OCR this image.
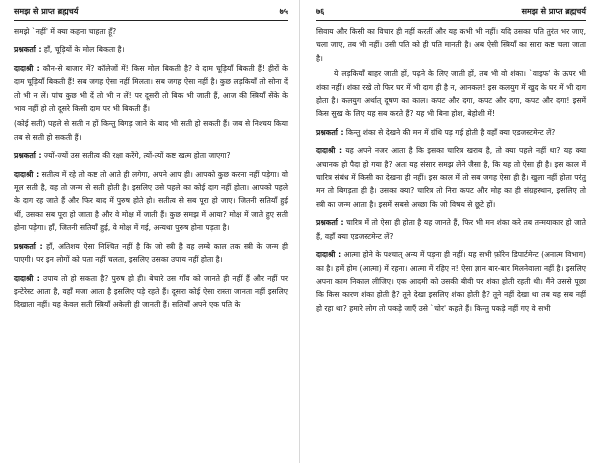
समझ से प्राप्त ब्रह्मचर्य	७५

समझे `नहीं' में क्या कहना चाहता हूँ?

प्रश्नकर्ता : हाँ, चूड़ियों के मोल बिकता है।

दादाश्री : कौन-से बाजार में? कॉलेजों में! किस मोल बिकती है? वे दाम चूड़ियाँ बिकती हैं! हीरों के दाम चूड़ियाँ बिकती हैं! सब जगह ऐसा नहीं मिलता। सब जगह ऐसा नहीं है। कुछ लड़कियाँ तो सोना दें तो भी न लें। पांच कुछ भी दें तो भी न लें! पर दूसरी तो बिक भी जाती हैं, आज की स्त्रियाँ सेंके के भाव नहीं हो तो दूसरे किसी दाम पर भी बिकती हैं।

(कोई सती) पहले से सती न हों किन्तु बिगड़ जाने के बाद भी सती हो सकती हैं। जब से निश्चय किया तब से सती हो सकती हैं।

प्रश्नकर्ता : ज्यों-ज्यों उस सतीत्व की रक्षा करेंगे, त्यों-त्यों कष्ट खत्म होता जाएगा?

दादाश्री : सतीत्व में रहे तो कष्ट तो आते ही लगेगा, अपने आप ही। आपको कुछ करना नहीं पड़ेगा। वो मूल सती है, वह तो जन्म से सती होती है। इसलिए उसे पहले का कोई दाग नहीं होता। आपको पहले के दाग रह जाते हैं और फिर बाद में पुरुष होते हो। सतीत्व से सब पूरा हो जाए। जितनी सतियाँ हुई थीं, उसका सब पूरा हो जाता है और वे मोक्ष में जाती हैं। कुछ समझ में आया? मोक्ष में जाते हुए सती होना पड़ेगा। हाँ, जितनी सतियाँ हुई, वे मोक्ष में गई, अन्यथा पुरुष होना पड़ता है।

प्रश्नकर्ता : हाँ, अतिशय ऐसा निश्चित नहीं है कि जो स्त्री है वह लम्बे काल तक स्त्री के जन्म ही पाएगी। पर इन लोगों को पता नहीं चलता, इसलिए उसका उपाय नहीं होता है।

दादाश्री : उपाय तो हो सकता है? पुरुष हो ही। बेचारे उस गाँव को जानते ही नहीं हैं और नहीं पर इन्टेरेस्ट आता है, वहाँ मजा आता है इसलिए पड़े रहते हैं। दूसरा कोई ऐसा रास्ता जानता नहीं इसलिए दिखाता नहीं। यह केवल सती स्त्रियाँ अकेली ही जानती हैं। सतियाँ अपने एक पति के

७६	समझ से प्राप्त ब्रह्मचर्य

सिवाय और किसी का विचार ही नहीं करतीं और यह कभी भी नहीं। यदि उसका पति तुरंत भर जाए, चला जाए, तब भी नहीं। उसी पति को ही पति मानती है। अब ऐसी स्त्रियाँ का सारा कष्ट चला जाता है।

ये लड़कियाँ बाहर जाती हों, पढ़ने के लिए जाती हों, तब भी वो शंका। `वाइफ' के ऊपर भी शंका नहीं। शंका रखे तो फिर घर में भी दाग ही है न, आनकल! इस कलयुग में खुद के घर में भी दाग होता है। कलयुग अर्थात् दूषण का काल। कपट और दगा, कपट और दगा, कपट और दगा! इसमें किस सुख के लिए यह सब करते हैं? यह भी बिना होश, बेहोशी में!

प्रश्नकर्ता : किन्तु शंका से देखने की मन में ग्रंथि पड़ गई होती है वहाँ क्या एडजस्टमेन्ट लें?

दादाश्री : यह अपने नजर आता है कि इसका चारित्र खराब है, तो क्या पहले नहीं था? यह क्या अचानक हो पैदा हो गया है? अतः यह संसार समझ लेने जैसा है, कि यह तो ऐसा ही है। इस काल में चारित्र संबंध में किसी का देखना ही नहीं। इस काल में तो सब जगह ऐसा ही है। खुला नहीं होता परंतु मन तो बिगड़ता ही है। उसका क्या? चारित्र तो निरा कपट और मोह का ही संग्रहस्थान, इसलिए तो स्त्री का जन्म आता है। इसमें सबसे अच्छा कि जो विषय से छूटे हों।

प्रश्नकर्ता : चारित्र में तो ऐसा ही होता है यह जानते हैं, फिर भी मन शंका करे तब तन्मयाकार हो जाते हैं, वहाँ क्या एडजस्टमेन्ट लें?

दादाश्री : आत्मा होने के पश्चात् अन्य में पड़ना ही नहीं। यह सभी फ़ॉरेन डिपार्टमेन्ट (अनात्म विभाग) का है। हमें होम (आत्मा) में रहना। आत्मा में रहिए न! ऐसा ज्ञान बार-बार मिलनेवाला नहीं है। इसलिए अपना काम निकाल लीजिए। एक आदमी को उसकी बीवी पर शंका होती रहती थी। मैंने उससे पूछा कि किस कारण शंका होती है? तूने देखा इसलिए शंका होती है? तूने नहीं देखा था तब यह सब नहीं हो रहा था? हमारे लोग तो पकड़े जाएँ उसे `चोर' कहते हैं। किन्तु पकड़े नहीं गए वे सभी
